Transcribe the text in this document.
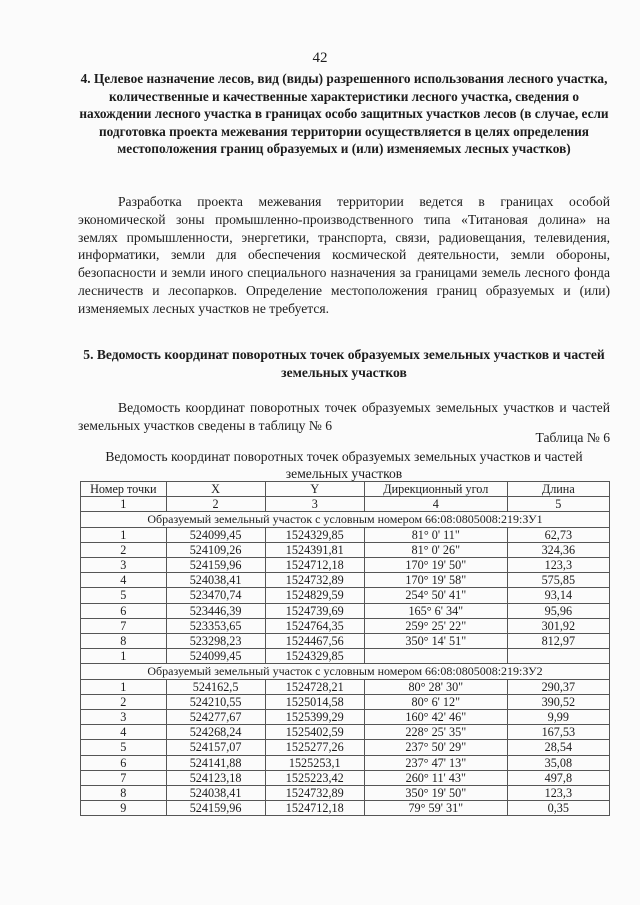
42
4. Целевое назначение лесов, вид (виды) разрешенного использования лесного участка, количественные и качественные характеристики лесного участка, сведения о нахождении лесного участка в границах особо защитных участков лесов (в случае, если подготовка проекта межевания территории осуществляется в целях определения местоположения границ образуемых и (или) изменяемых лесных участков)
Разработка проекта межевания территории ведется в границах особой экономической зоны промышленно-производственного типа «Титановая долина» на землях промышленности, энергетики, транспорта, связи, радиовещания, телевидения, информатики, земли для обеспечения космической деятельности, земли обороны, безопасности и земли иного специального назначения за границами земель лесного фонда лесничеств и лесопарков. Определение местоположения границ образуемых и (или) изменяемых лесных участков не требуется.
5. Ведомость координат поворотных точек образуемых земельных участков и частей земельных участков
Ведомость координат поворотных точек образуемых земельных участков и частей земельных участков сведены в таблицу № 6
Таблица № 6
Ведомость координат поворотных точек образуемых земельных участков и частей земельных участков
Номер точки	X	Y	Дирекционный угол	Длина
1	2	3	4	5
Образуемый земельный участок с условным номером 66:08:0805008:219:ЗУ1				
1	524099,45	1524329,85	81° 0' 11"	62,73
2	524109,26	1524391,81	81° 0' 26"	324,36
3	524159,96	1524712,18	170° 19' 50"	123,3
4	524038,41	1524732,89	170° 19' 58"	575,85
5	523470,74	1524829,59	254° 50' 41"	93,14
6	523446,39	1524739,69	165° 6' 34"	95,96
7	523353,65	1524764,35	259° 25' 22"	301,92
8	523298,23	1524467,56	350° 14' 51"	812,97
1	524099,45	1524329,85		
Образуемый земельный участок с условным номером 66:08:0805008:219:ЗУ2				
1	524162,5	1524728,21	80° 28' 30"	290,37
2	524210,55	1525014,58	80° 6' 12"	390,52
3	524277,67	1525399,29	160° 42' 46"	9,99
4	524268,24	1525402,59	228° 25' 35"	167,53
5	524157,07	1525277,26	237° 50' 29"	28,54
6	524141,88	1525253,1	237° 47' 13"	35,08
7	524123,18	1525223,42	260° 11' 43"	497,8
8	524038,41	1524732,89	350° 19' 50"	123,3
9	524159,96	1524712,18	79° 59' 31"	0,35
